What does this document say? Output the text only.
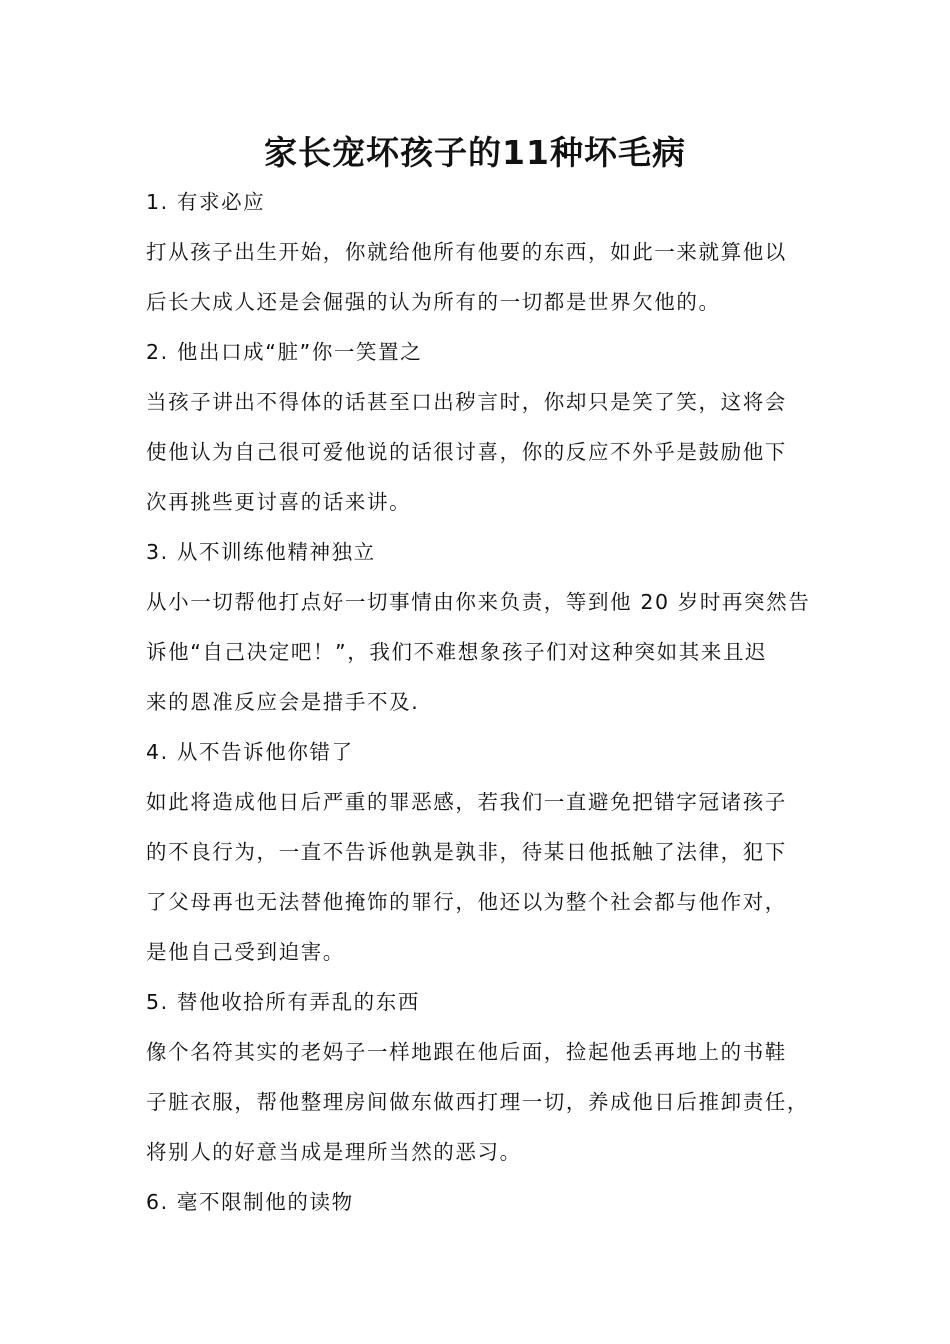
家长宠坏孩子的11种坏毛病
1. 有求必应
打从孩子出生开始，你就给他所有他要的东西，如此一来就算他以
后长大成人还是会倔强的认为所有的一切都是世界欠他的。
2. 他出口成“脏”你一笑置之
当孩子讲出不得体的话甚至口出秽言时，你却只是笑了笑，这将会
使他认为自己很可爱他说的话很讨喜，你的反应不外乎是鼓励他下
次再挑些更讨喜的话来讲。
3. 从不训练他精神独立
从小一切帮他打点好一切事情由你来负责，等到他 20 岁时再突然告
诉他“自己决定吧！”，我们不难想象孩子们对这种突如其来且迟
来的恩准反应会是措手不及.
4. 从不告诉他你错了
如此将造成他日后严重的罪恶感，若我们一直避免把错字冠诸孩子
的不良行为，一直不告诉他孰是孰非，待某日他抵触了法律，犯下
了父母再也无法替他掩饰的罪行，他还以为整个社会都与他作对，
是他自己受到迫害。
5. 替他收拾所有弄乱的东西
像个名符其实的老妈子一样地跟在他后面，捡起他丢再地上的书鞋
子脏衣服，帮他整理房间做东做西打理一切，养成他日后推卸责任，
将别人的好意当成是理所当然的恶习。
6. 毫不限制他的读物
